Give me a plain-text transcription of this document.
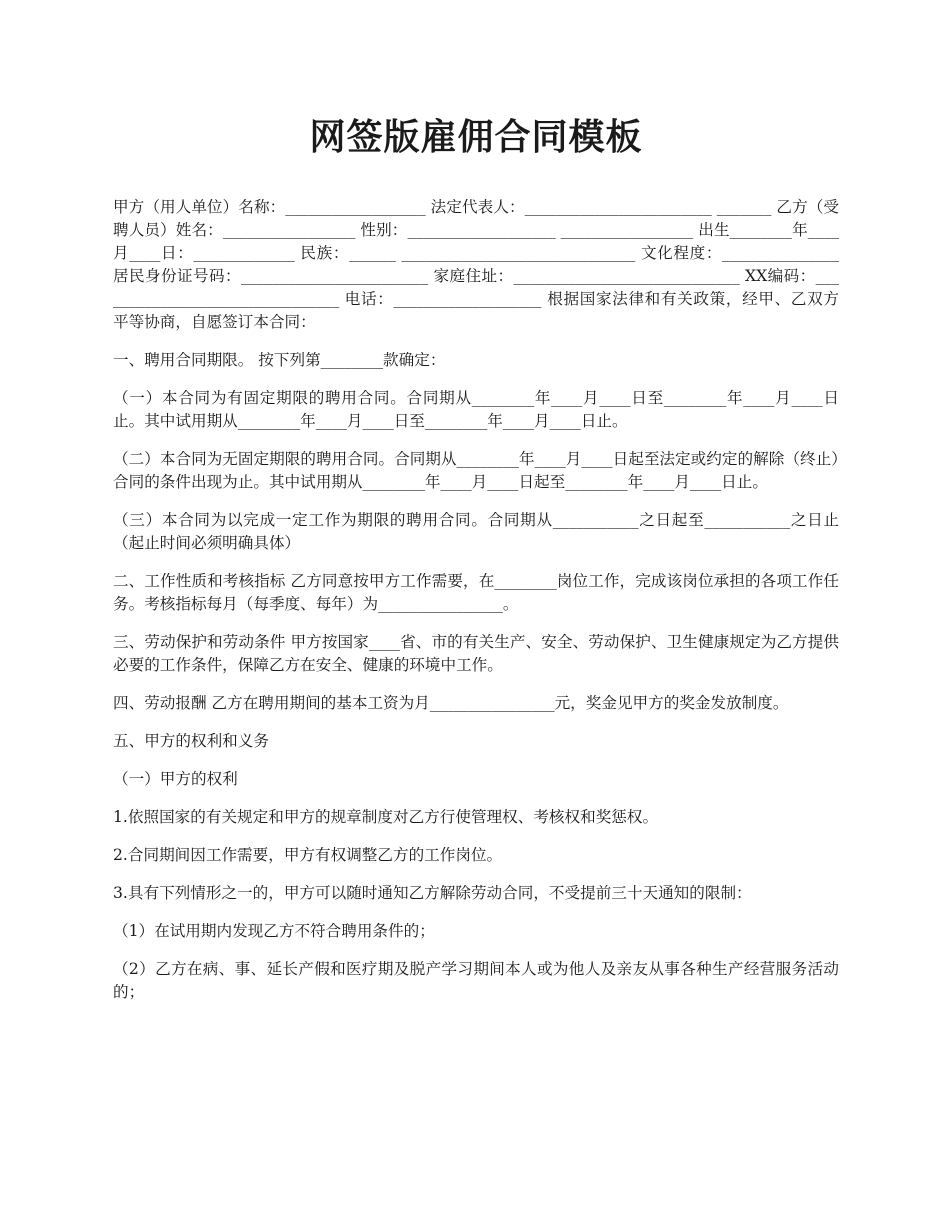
网签版雇佣合同模板

甲方（用人单位）名称：__________________ 法定代表人：________________________ _______ 乙方（受聘人员）姓名：_________________ 性别：___________________ _________________ 出生________年____月____日：_____________ 民族：______ ______________________________ 文化程度：_______________ 居民身份证号码：________________________ 家庭住址：_____________________________ XX编码：________________________________ 电话：___________________ 根据国家法律和有关政策，经甲、乙双方平等协商，自愿签订本合同：

一、聘用合同期限。 按下列第________款确定：

（一）本合同为有固定期限的聘用合同。合同期从________年____月____日至________年____月____日止。其中试用期从________年____月____日至________年____月____日止。

（二）本合同为无固定期限的聘用合同。合同期从________年____月____日起至法定或约定的解除（终止）合同的条件出现为止。其中试用期从________年____月____日起至________年____月____日止。

（三）本合同为以完成一定工作为期限的聘用合同。合同期从___________之日起至___________之日止（起止时间必须明确具体）

二、工作性质和考核指标 乙方同意按甲方工作需要，在________岗位工作，完成该岗位承担的各项工作任务。考核指标每月（每季度、每年）为________________。

三、劳动保护和劳动条件 甲方按国家____省、市的有关生产、安全、劳动保护、卫生健康规定为乙方提供必要的工作条件，保障乙方在安全、健康的环境中工作。

四、劳动报酬 乙方在聘用期间的基本工资为月________________元，奖金见甲方的奖金发放制度。

五、甲方的权利和义务

（一）甲方的权利

1.依照国家的有关规定和甲方的规章制度对乙方行使管理权、考核权和奖惩权。

2.合同期间因工作需要，甲方有权调整乙方的工作岗位。

3.具有下列情形之一的，甲方可以随时通知乙方解除劳动合同，不受提前三十天通知的限制：

（1）在试用期内发现乙方不符合聘用条件的；

（2）乙方在病、事、延长产假和医疗期及脱产学习期间本人或为他人及亲友从事各种生产经营服务活动的；
